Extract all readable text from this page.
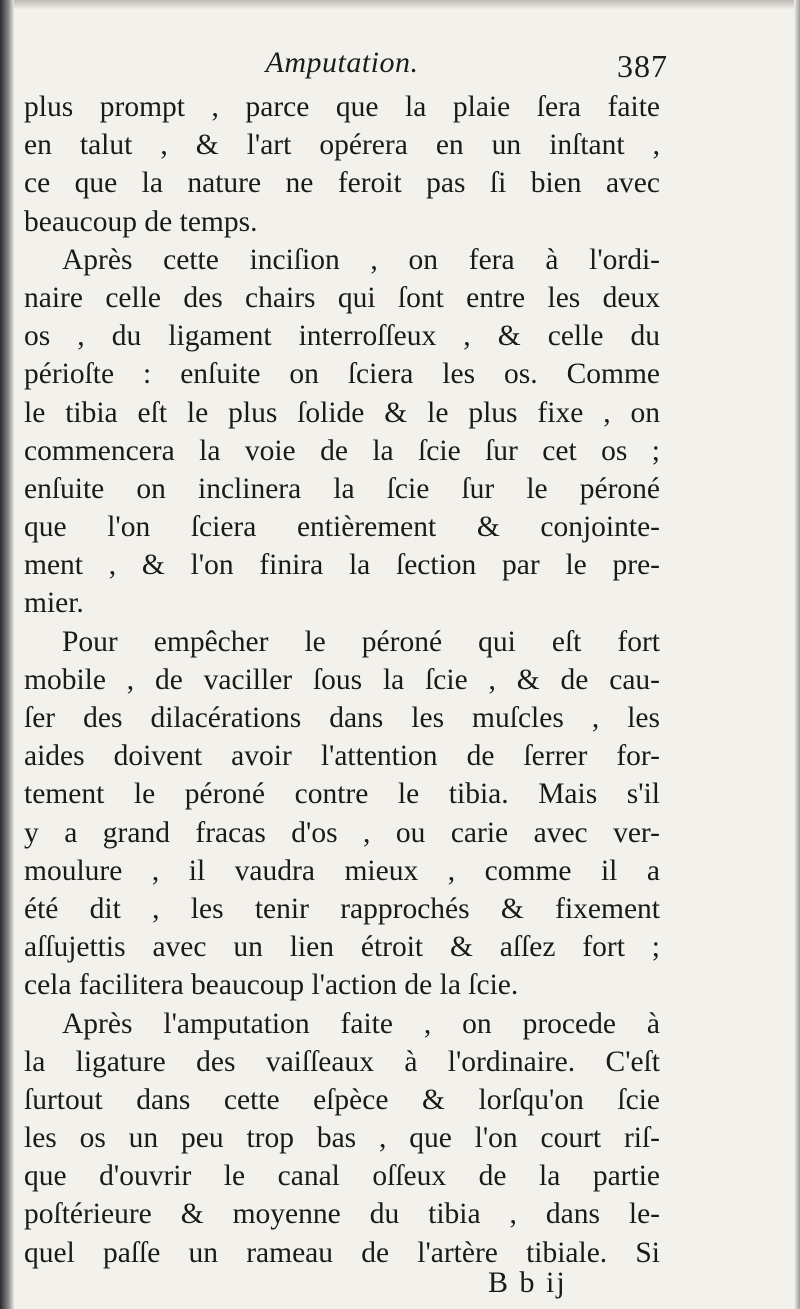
Amputation.	387
plus prompt , parce que la plaie ſera faite
en talut , & l'art opérera en un inſtant ,
ce que la nature ne feroit pas ſi bien avec
beaucoup de temps.
Après cette inciſion , on fera à l'ordi-
naire celle des chairs qui ſont entre les deux
os , du ligament interroſſeux , & celle du
périoſte : enſuite on ſciera les os. Comme
le tibia eſt le plus ſolide & le plus fixe , on
commencera la voie de la ſcie ſur cet os ;
enſuite on inclinera la ſcie ſur le péroné
que l'on ſciera entièrement & conjointe-
ment , & l'on finira la ſection par le pre-
mier.
Pour empêcher le péroné qui eſt fort
mobile , de vaciller ſous la ſcie , & de cau-
ſer des dilacérations dans les muſcles , les
aides doivent avoir l'attention de ſerrer for-
tement le péroné contre le tibia. Mais s'il
y a grand fracas d'os , ou carie avec ver-
moulure , il vaudra mieux , comme il a
été dit , les tenir rapprochés & fixement
aſſujettis avec un lien étroit & aſſez fort ;
cela facilitera beaucoup l'action de la ſcie.
Après l'amputation faite , on procede à
la ligature des vaiſſeaux à l'ordinaire. C'eſt
ſurtout dans cette eſpèce & lorſqu'on ſcie
les os un peu trop bas , que l'on court riſ-
que d'ouvrir le canal oſſeux de la partie
poſtérieure & moyenne du tibia , dans le-
quel paſſe un rameau de l'artère tibiale. Si
B b ij
